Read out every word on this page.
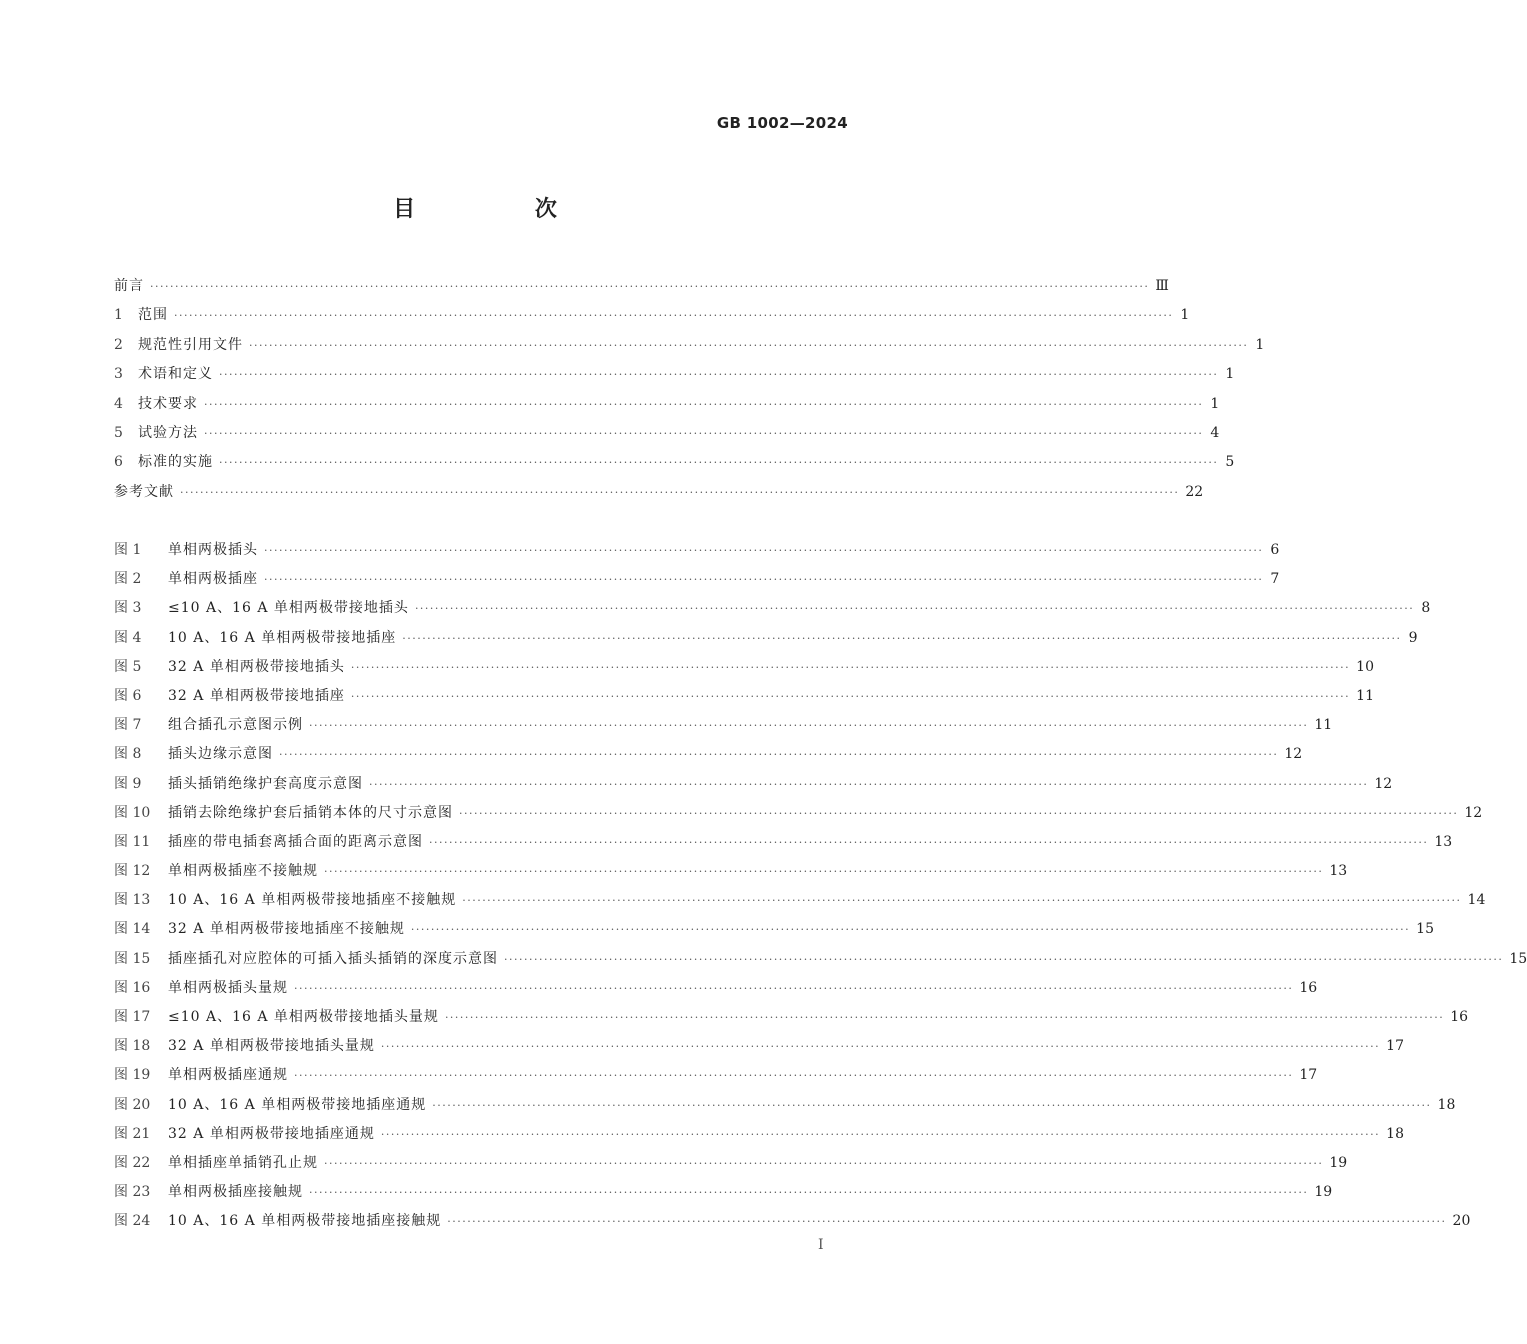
GB 1002—2024
目 次
前言 ········································································································································································································ Ⅲ
1	范围 ········································································································································································································ 1
2	规范性引用文件 ········································································································································································································ 1
3	术语和定义 ········································································································································································································ 1
4	技术要求 ········································································································································································································ 1
5	试验方法 ········································································································································································································ 4
6	标准的实施 ········································································································································································································ 5
参考文献 ········································································································································································································ 22
图 1	单相两极插头 ········································································································································································································ 6
图 2	单相两极插座 ········································································································································································································ 7
图 3	≤10 A、16 A 单相两极带接地插头 ········································································································································································································ 8
图 4	10 A、16 A 单相两极带接地插座 ········································································································································································································ 9
图 5	32 A 单相两极带接地插头 ········································································································································································································ 10
图 6	32 A 单相两极带接地插座 ········································································································································································································ 11
图 7	组合插孔示意图示例 ········································································································································································································ 11
图 8	插头边缘示意图 ········································································································································································································ 12
图 9	插头插销绝缘护套高度示意图 ········································································································································································································ 12
图 10	插销去除绝缘护套后插销本体的尺寸示意图 ········································································································································································································ 12
图 11	插座的带电插套离插合面的距离示意图 ········································································································································································································ 13
图 12	单相两极插座不接触规 ········································································································································································································ 13
图 13	10 A、16 A 单相两极带接地插座不接触规 ········································································································································································································ 14
图 14	32 A 单相两极带接地插座不接触规 ········································································································································································································ 15
图 15	插座插孔对应腔体的可插入插头插销的深度示意图 ········································································································································································································ 15
图 16	单相两极插头量规 ········································································································································································································ 16
图 17	≤10 A、16 A 单相两极带接地插头量规 ········································································································································································································ 16
图 18	32 A 单相两极带接地插头量规 ········································································································································································································ 17
图 19	单相两极插座通规 ········································································································································································································ 17
图 20	10 A、16 A 单相两极带接地插座通规 ········································································································································································································ 18
图 21	32 A 单相两极带接地插座通规 ········································································································································································································ 18
图 22	单相插座单插销孔止规 ········································································································································································································ 19
图 23	单相两极插座接触规 ········································································································································································································ 19
图 24	10 A、16 A 单相两极带接地插座接触规 ········································································································································································································ 20
Ⅰ
